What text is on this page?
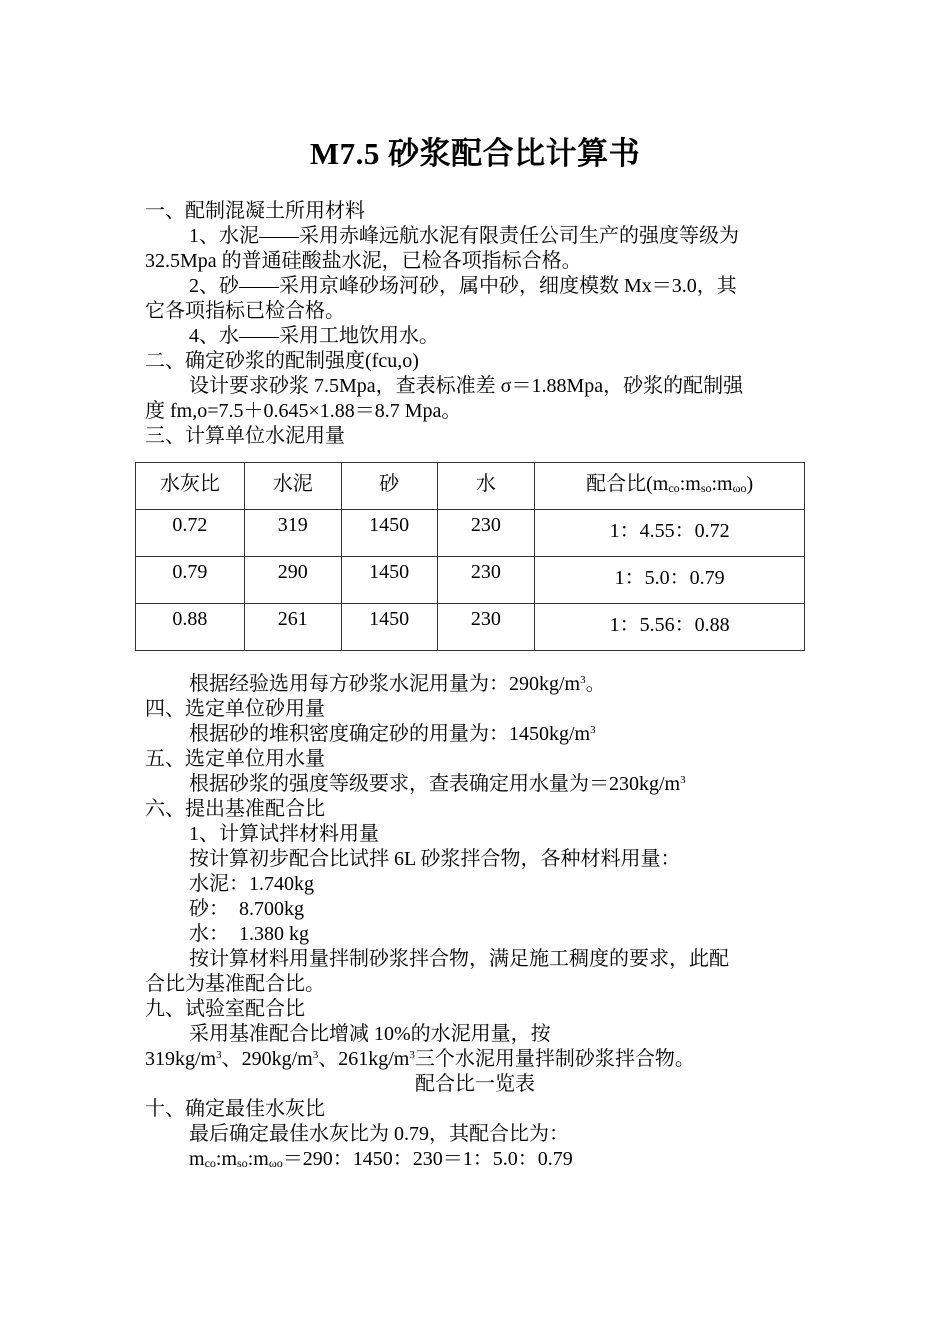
M7.5 砂浆配合比计算书
一、配制混凝土所用材料
1、水泥——采用赤峰远航水泥有限责任公司生产的强度等级为
32.5Mpa 的普通硅酸盐水泥，已检各项指标合格。
2、砂——采用京峰砂场河砂，属中砂，细度模数 Mx＝3.0，其
它各项指标已检合格。
4、水——采用工地饮用水。
二、确定砂浆的配制强度(fcu,o)
设计要求砂浆 7.5Mpa，查表标准差 σ＝1.88Mpa，砂浆的配制强
度 fm,o=7.5＋0.645×1.88＝8.7 Mpa。
三、计算单位水泥用量
水灰比	水泥	砂	水	配合比$(m_{co}:m_{so}:m_{\omega o})$
0.72	319	1450	230	1：4.55：0.72
0.79	290	1450	230	1：5.0：0.79
0.88	261	1450	230	1：5.56：0.88
根据经验选用每方砂浆水泥用量为：$290kg/m^3$。
四、选定单位砂用量
根据砂的堆积密度确定砂的用量为：$1450kg/m^3$
五、选定单位用水量
根据砂浆的强度等级要求，查表确定用水量为$=230kg/m^3$
六、提出基准配合比
1、计算试拌材料用量
按计算初步配合比试拌 6L 砂浆拌合物，各种材料用量：
水泥：1.740kg
砂：  8.700kg
水：  1.380 kg
按计算材料用量拌制砂浆拌合物，满足施工稠度的要求，此配
合比为基准配合比。
九、试验室配合比
采用基准配合比增减 10%的水泥用量，按
$319kg/m^3$、$290kg/m^3$、$261kg/m^3$三个水泥用量拌制砂浆拌合物。
配合比一览表
十、确定最佳水灰比
最后确定最佳水灰比为 0.79，其配合比为：
$m_{co}:m_{so}:m_{\omega o}=290$：1450：230＝1：5.0：0.79
